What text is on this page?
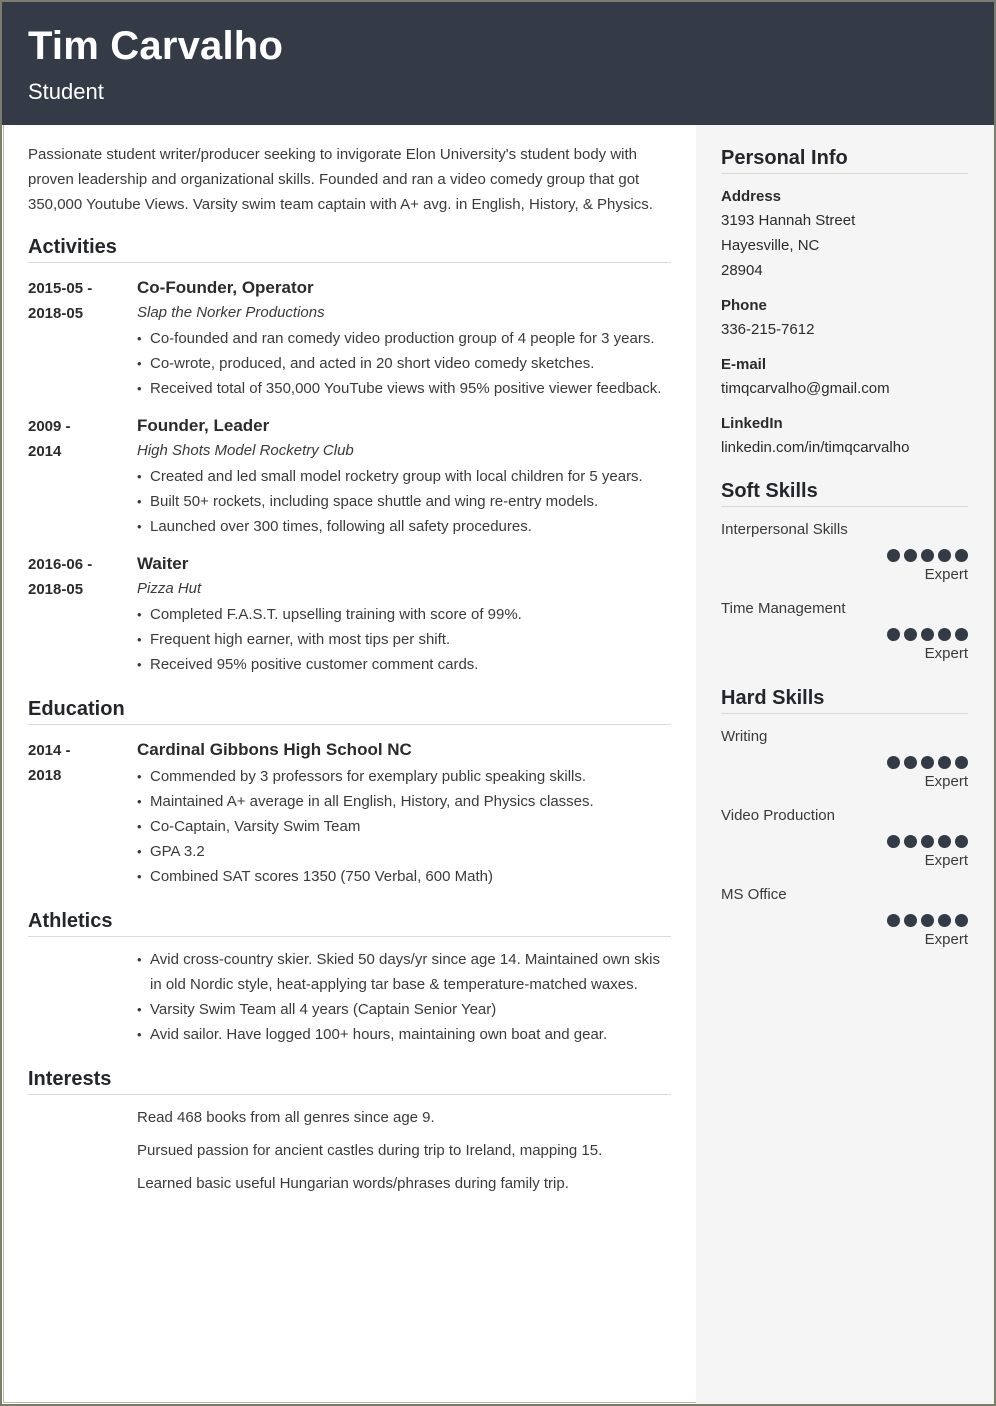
Tim Carvalho
Student

Passionate student writer/producer seeking to invigorate Elon University's student body with proven leadership and organizational skills. Founded and ran a video comedy group that got 350,000 Youtube Views. Varsity swim team captain with A+ avg. in English, History, & Physics.

Activities
2015-05 -
2018-05
Co-Founder, Operator
Slap the Norker Productions
• Co-founded and ran comedy video production group of 4 people for 3 years.
• Co-wrote, produced, and acted in 20 short video comedy sketches.
• Received total of 350,000 YouTube views with 95% positive viewer feedback.
2009 -
2014
Founder, Leader
High Shots Model Rocketry Club
• Created and led small model rocketry group with local children for 5 years.
• Built 50+ rockets, including space shuttle and wing re-entry models.
• Launched over 300 times, following all safety procedures.
2016-06 -
2018-05
Waiter
Pizza Hut
• Completed F.A.S.T. upselling training with score of 99%.
• Frequent high earner, with most tips per shift.
• Received 95% positive customer comment cards.
Education
2014 -
2018
Cardinal Gibbons High School NC
• Commended by 3 professors for exemplary public speaking skills.
• Maintained A+ average in all English, History, and Physics classes.
• Co-Captain, Varsity Swim Team
• GPA 3.2
• Combined SAT scores 1350 (750 Verbal, 600 Math)
Athletics
• Avid cross-country skier. Skied 50 days/yr since age 14. Maintained own skis in old Nordic style, heat-applying tar base & temperature-matched waxes.
• Varsity Swim Team all 4 years (Captain Senior Year)
• Avid sailor. Have logged 100+ hours, maintaining own boat and gear.
Interests

Read 468 books from all genres since age 9.

Pursued passion for ancient castles during trip to Ireland, mapping 15.

Learned basic useful Hungarian words/phrases during family trip.

Personal Info
Address
3193 Hannah Street
Hayesville, NC
28904
Phone
336-215-7612
E-mail
timqcarvalho@gmail.com
LinkedIn
linkedin.com/in/timqcarvalho
Soft Skills
Interpersonal Skills
Expert
Time Management
Expert
Hard Skills
Writing
Expert
Video Production
Expert
MS Office
Expert
